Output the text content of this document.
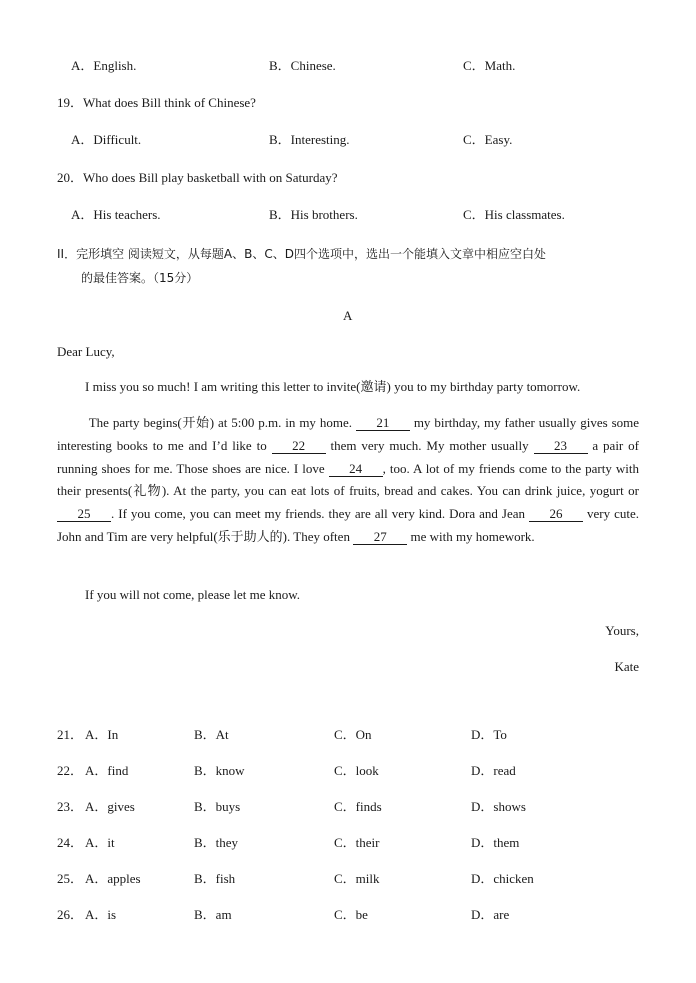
A．English.	B．Chinese.	C．Math.
19．What does Bill think of Chinese?
A．Difficult.	B．Interesting.	C．Easy.
20．Who does Bill play basketball with on Saturday?
A．His teachers.	B．His brothers.	C．His classmates.
II．完形填空 阅读短文，从每题A、B、C、D四个选项中，选出一个能填入文章中相应空白处
的最佳答案。（15分）
A
Dear Lucy,
I miss you so much! I am writing this letter to invite(邀请) you to my birthday party tomorrow.
The party begins(开始) at 5:00 p.m. in my home. 21 my birthday, my father usually gives some interesting books to me and I’d like to 22 them very much. My mother usually 23 a pair of running shoes for me. Those shoes are nice. I love 24 , too. A lot of my friends come to the party with their presents(礼物). At the party, you can eat lots of fruits, bread and cakes. You can drink juice, yogurt or 25 . If you come, you can meet my friends. they are all very kind. Dora and Jean 26 very cute. John and Tim are very helpful(乐于助人的). They often 27 me with my homework.
If you will not come, please let me know.
Yours,
Kate
21． A．In	B．At	C．On	D．To
22． A．find	B．know	C．look	D．read
23． A．gives	B．buys	C．finds	D．shows
24． A．it	B．they	C．their	D．them
25． A．apples	B．fish	C．milk	D．chicken
26． A．is	B．am	C．be	D．are
